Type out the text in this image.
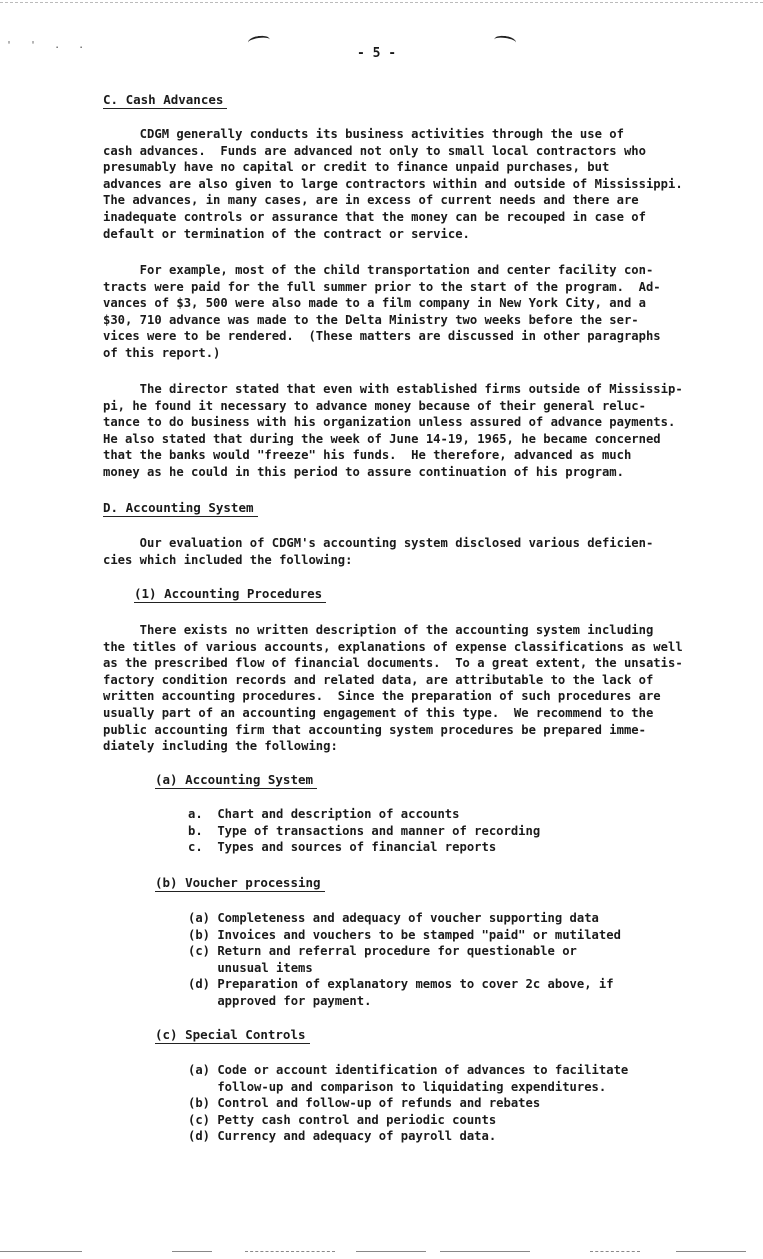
' ' . .
- 5 -
C. Cash Advances
CDGM generally conducts its business activities through the use of
cash advances.  Funds are advanced not only to small local contractors who
presumably have no capital or credit to finance unpaid purchases, but
advances are also given to large contractors within and outside of Mississippi.
The advances, in many cases, are in excess of current needs and there are
inadequate controls or assurance that the money can be recouped in case of
default or termination of the contract or service.
For example, most of the child transportation and center facility con-
tracts were paid for the full summer prior to the start of the program.  Ad-
vances of $3, 500 were also made to a film company in New York City, and a
$30, 710 advance was made to the Delta Ministry two weeks before the ser-
vices were to be rendered.  (These matters are discussed in other paragraphs
of this report.)
The director stated that even with established firms outside of Mississip-
pi, he found it necessary to advance money because of their general reluc-
tance to do business with his organization unless assured of advance payments.
He also stated that during the week of June 14-19, 1965, he became concerned
that the banks would "freeze" his funds.  He therefore, advanced as much
money as he could in this period to assure continuation of his program.
D. Accounting System
Our evaluation of CDGM's accounting system disclosed various deficien-
cies which included the following:
(1) Accounting Procedures
There exists no written description of the accounting system including
the titles of various accounts, explanations of expense classifications as well
as the prescribed flow of financial documents.  To a great extent, the unsatis-
factory condition records and related data, are attributable to the lack of
written accounting procedures.  Since the preparation of such procedures are
usually part of an accounting engagement of this type.  We recommend to the
public accounting firm that accounting system procedures be prepared imme-
diately including the following:
(a) Accounting System
a.  Chart and description of accounts
b.  Type of transactions and manner of recording
c.  Types and sources of financial reports
(b) Voucher processing
(a) Completeness and adequacy of voucher supporting data
(b) Invoices and vouchers to be stamped "paid" or mutilated
(c) Return and referral procedure for questionable or
unusual items
(d) Preparation of explanatory memos to cover 2c above, if
approved for payment.
(c) Special Controls
(a) Code or account identification of advances to facilitate
follow-up and comparison to liquidating expenditures.
(b) Control and follow-up of refunds and rebates
(c) Petty cash control and periodic counts
(d) Currency and adequacy of payroll data.
